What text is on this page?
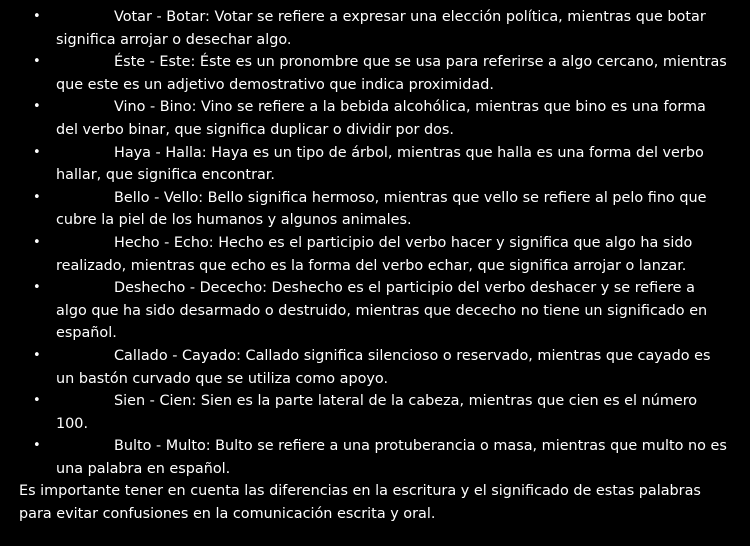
•	Votar - Botar: Votar se refiere a expresar una elección política, mientras que botar significa arrojar o desechar algo.
•	Éste - Este: Éste es un pronombre que se usa para referirse a algo cercano, mientras que este es un adjetivo demostrativo que indica proximidad.
•	Vino - Bino: Vino se refiere a la bebida alcohólica, mientras que bino es una forma del verbo binar, que significa duplicar o dividir por dos.
•	Haya - Halla: Haya es un tipo de árbol, mientras que halla es una forma del verbo hallar, que significa encontrar.
•	Bello - Vello: Bello significa hermoso, mientras que vello se refiere al pelo fino que cubre la piel de los humanos y algunos animales.
•	Hecho - Echo: Hecho es el participio del verbo hacer y significa que algo ha sido realizado, mientras que echo es la forma del verbo echar, que significa arrojar o lanzar.
•	Deshecho - Dececho: Deshecho es el participio del verbo deshacer y se refiere a algo que ha sido desarmado o destruido, mientras que dececho no tiene un significado en español.
•	Callado - Cayado: Callado significa silencioso o reservado, mientras que cayado es un bastón curvado que se utiliza como apoyo.
•	Sien - Cien: Sien es la parte lateral de la cabeza, mientras que cien es el número 100.
•	Bulto - Multo: Bulto se refiere a una protuberancia o masa, mientras que multo no es una palabra en español.

Es importante tener en cuenta las diferencias en la escritura y el significado de estas palabras para evitar confusiones en la comunicación escrita y oral.
